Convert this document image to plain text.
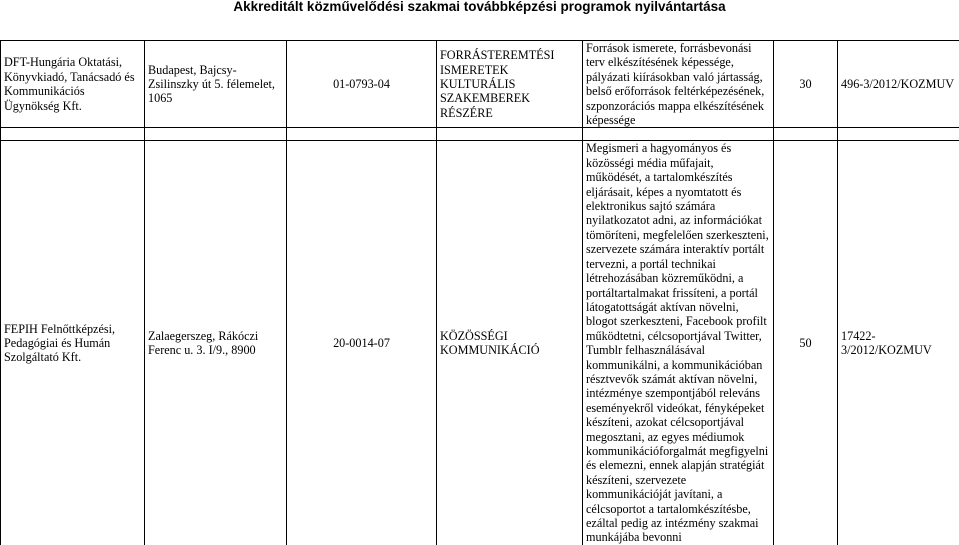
Akkreditált közművelődési szakmai továbbképzési programok nyilvántartása
DFT-Hungária Oktatási, Könyvkiadó, Tanácsadó és Kommunikációs Ügynökség Kft.	Budapest, Bajcsy-Zsilinszky út 5. félemelet, 1065	01-0793-04	FORRÁSTEREMTÉSI ISMERETEK KULTURÁLIS SZAKEMBEREK RÉSZÉRE	Források ismerete, forrásbevonási terv elkészítésének képessége, pályázati kiírásokban való jártasság, belső erőforrások feltérképezésének, szponzorációs mappa elkészítésének képessége	30	496-3/2012/KOZMUV

FEPIH Felnőttképzési, Pedagógiai és Humán Szolgáltató Kft.	Zalaegerszeg, Rákóczi Ferenc u. 3. I/9., 8900	20-0014-07	KÖZÖSSÉGI KOMMUNIKÁCIÓ	Megismeri a hagyományos és közösségi média műfajait, működését, a tartalomkészítés eljárásait, képes a nyomtatott és elektronikus sajtó számára nyilatkozatot adni, az információkat tömöríteni, megfelelően szerkeszteni, szervezete számára interaktív portált tervezni, a portál technikai létrehozásában közreműködni, a portáltartalmakat frissíteni, a portál látogatottságát aktívan növelni, blogot szerkeszteni, Facebook profilt működtetni, célcsoportjával Twitter, Tumblr felhasználásával kommunikálni, a kommunikációban résztvevők számát aktívan növelni, intézménye szempontjából releváns eseményekről videókat, fényképeket készíteni, azokat célcsoportjával megosztani, az egyes médiumok kommunikációforgalmát megfigyelni és elemezni, ennek alapján stratégiát készíteni, szervezete kommunikációját javítani, a célcsoportot a tartalomkészítésbe, ezáltal pedig az intézmény szakmai munkájába bevonni	50	17422-3/2012/KOZMUV
